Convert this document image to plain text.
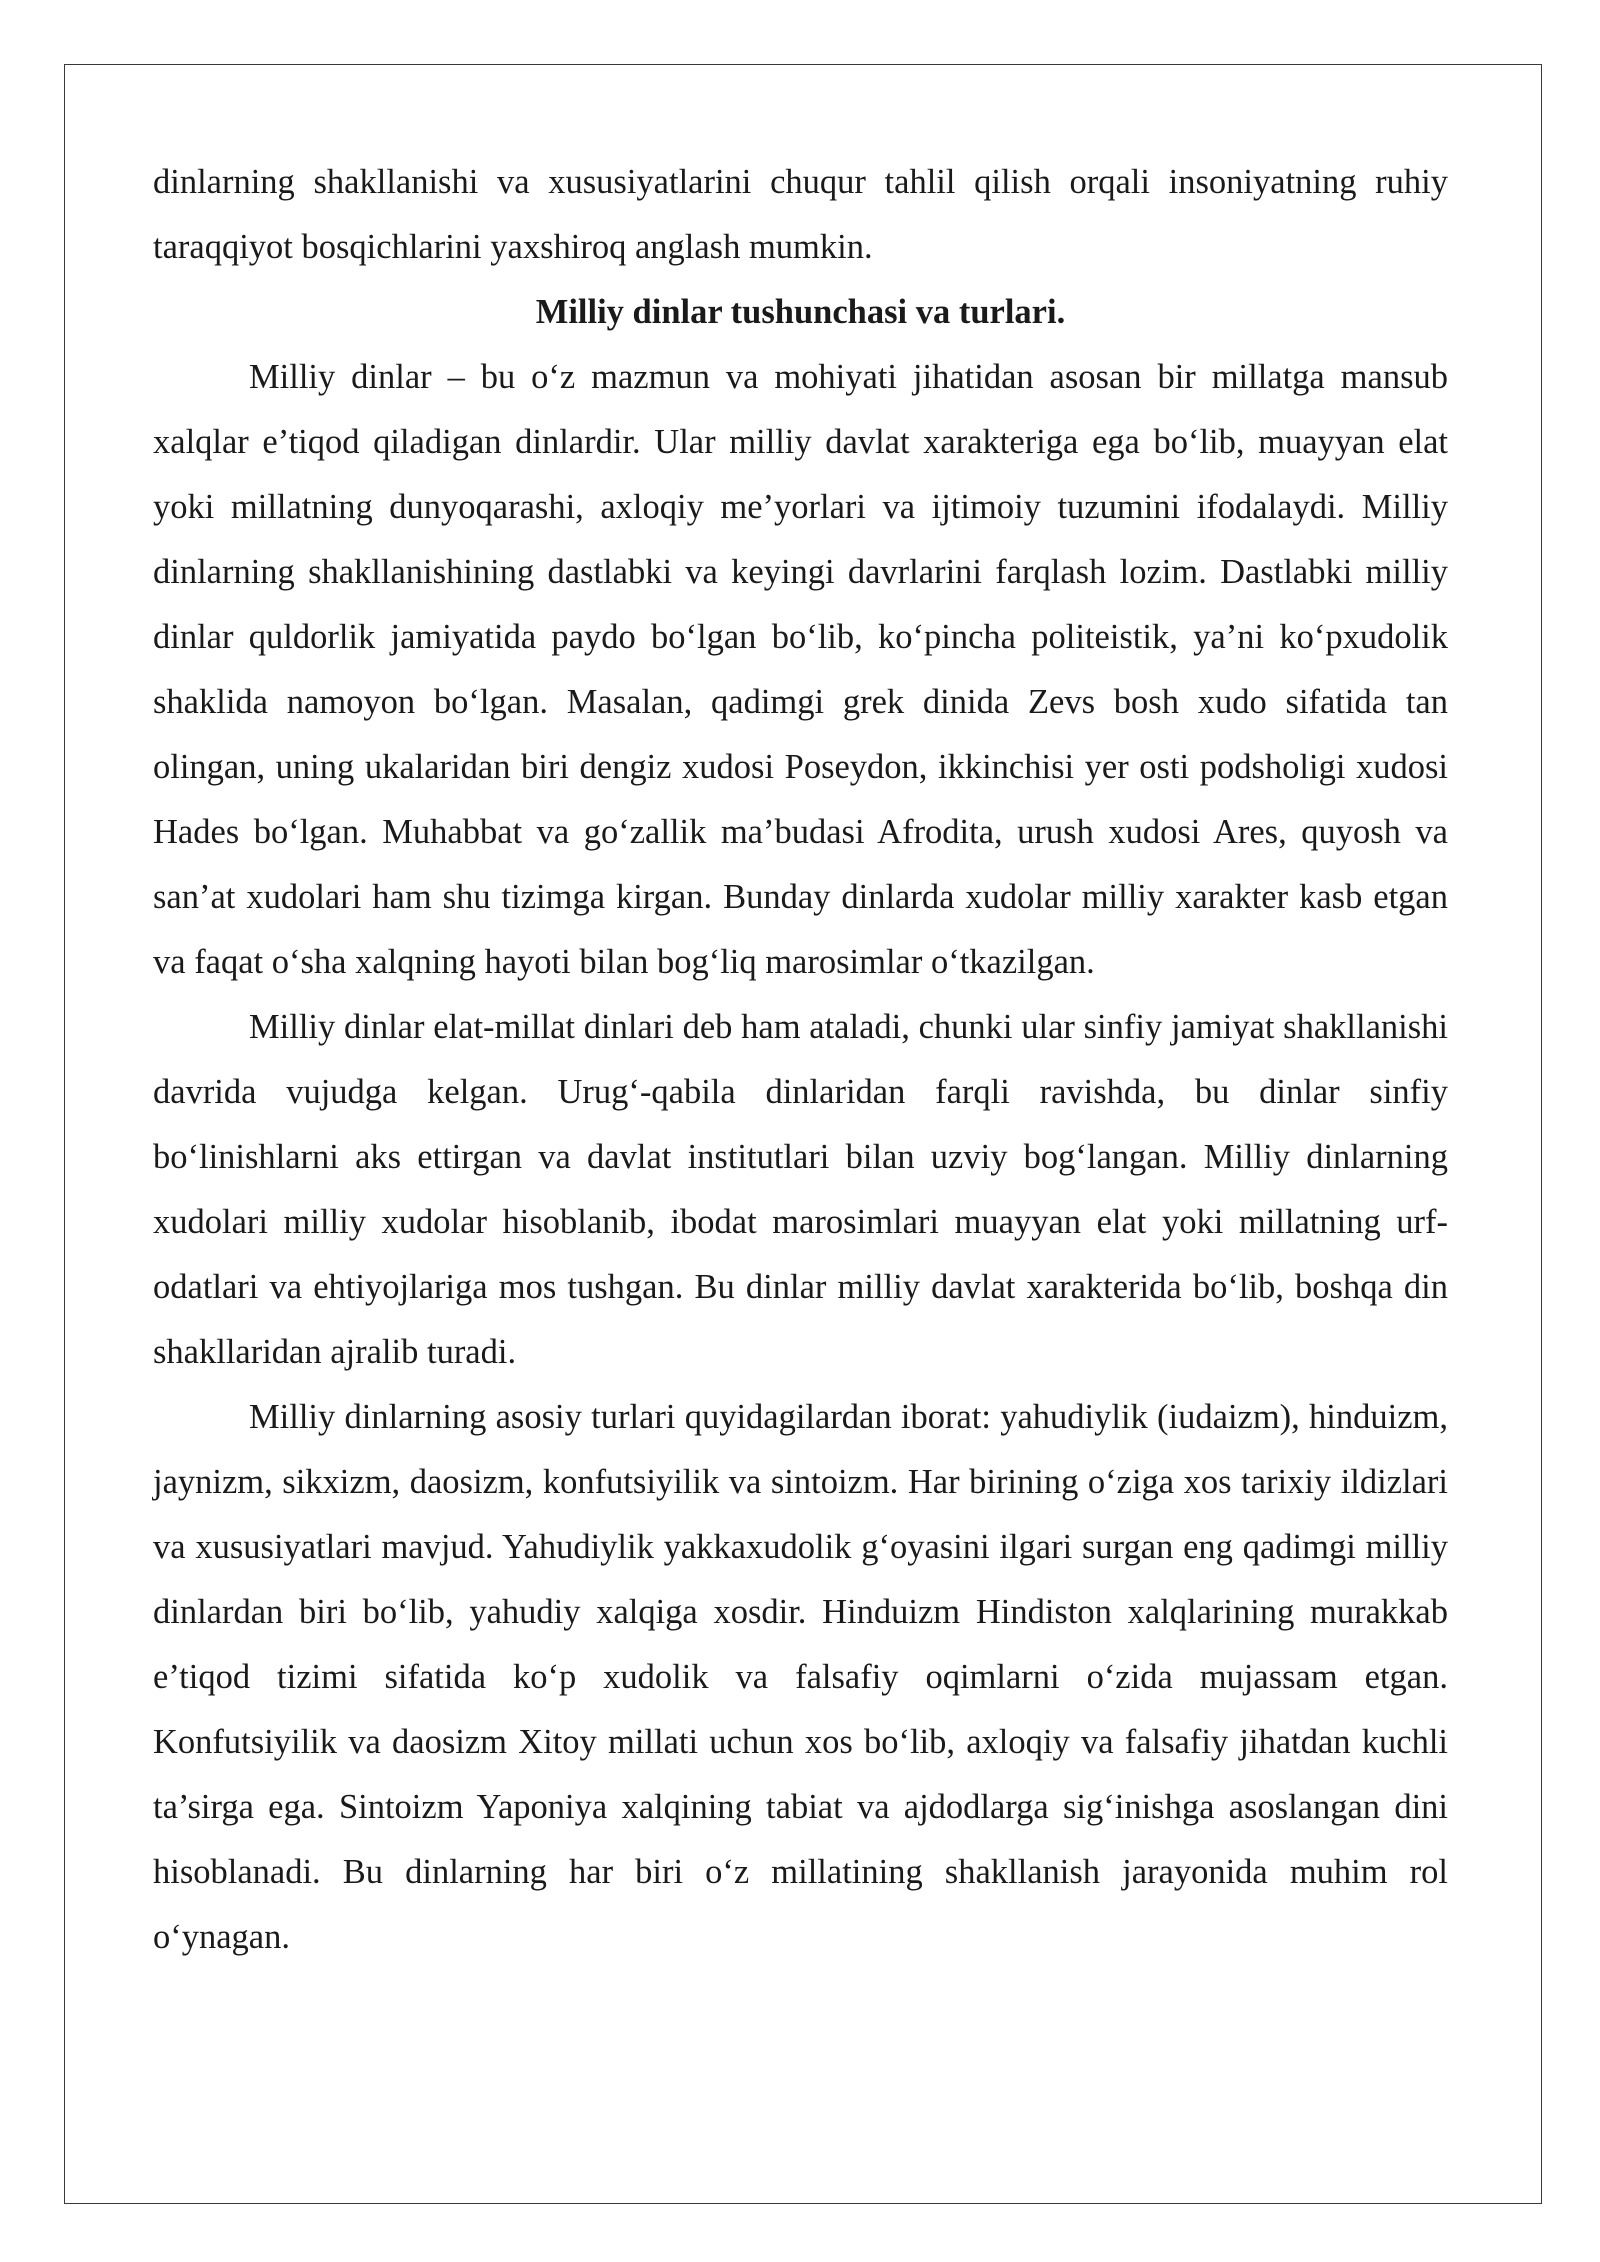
dinlarning shakllanishi va xususiyatlarini chuqur tahlil qilish orqali insoniyatning ruhiy taraqqiyot bosqichlarini yaxshiroq anglash mumkin.

Milliy dinlar tushunchasi va turlari.

Milliy dinlar – bu o‘z mazmun va mohiyati jihatidan asosan bir millatga mansub xalqlar e’tiqod qiladigan dinlardir. Ular milliy davlat xarakteriga ega bo‘lib, muayyan elat yoki millatning dunyoqarashi, axloqiy me’yorlari va ijtimoiy tuzumini ifodalaydi. Milliy dinlarning shakllanishining dastlabki va keyingi davrlarini farqlash lozim. Dastlabki milliy dinlar quldorlik jamiyatida paydo bo‘lgan bo‘lib, ko‘pincha politeistik, ya’ni ko‘pxudolik shaklida namoyon bo‘lgan. Masalan, qadimgi grek dinida Zevs bosh xudo sifatida tan olingan, uning ukalaridan biri dengiz xudosi Poseydon, ikkinchisi yer osti podsholigi xudosi Hades bo‘lgan. Muhabbat va go‘zallik ma’budasi Afrodita, urush xudosi Ares, quyosh va san’at xudolari ham shu tizimga kirgan. Bunday dinlarda xudolar milliy xarakter kasb etgan va faqat o‘sha xalqning hayoti bilan bog‘liq marosimlar o‘tkazilgan.

Milliy dinlar elat-millat dinlari deb ham ataladi, chunki ular sinfiy jamiyat shakllanishi davrida vujudga kelgan. Urug‘-qabila dinlaridan farqli ravishda, bu dinlar sinfiy bo‘linishlarni aks ettirgan va davlat institutlari bilan uzviy bog‘langan. Milliy dinlarning xudolari milliy xudolar hisoblanib, ibodat marosimlari muayyan elat yoki millatning urf-odatlari va ehtiyojlariga mos tushgan. Bu dinlar milliy davlat xarakterida bo‘lib, boshqa din shakllaridan ajralib turadi.

Milliy dinlarning asosiy turlari quyidagilardan iborat: yahudiylik (iudaizm), hinduizm, jaynizm, sikxizm, daosizm, konfutsiyilik va sintoizm. Har birining o‘ziga xos tarixiy ildizlari va xususiyatlari mavjud. Yahudiylik yakkaxudolik g‘oyasini ilgari surgan eng qadimgi milliy dinlardan biri bo‘lib, yahudiy xalqiga xosdir. Hinduizm Hindiston xalqlarining murakkab e’tiqod tizimi sifatida ko‘p xudolik va falsafiy oqimlarni o‘zida mujassam etgan. Konfutsiyilik va daosizm Xitoy millati uchun xos bo‘lib, axloqiy va falsafiy jihatdan kuchli ta’sirga ega. Sintoizm Yaponiya xalqining tabiat va ajdodlarga sig‘inishga asoslangan dini hisoblanadi. Bu dinlarning har biri o‘z millatining shakllanish jarayonida muhim rol o‘ynagan.
